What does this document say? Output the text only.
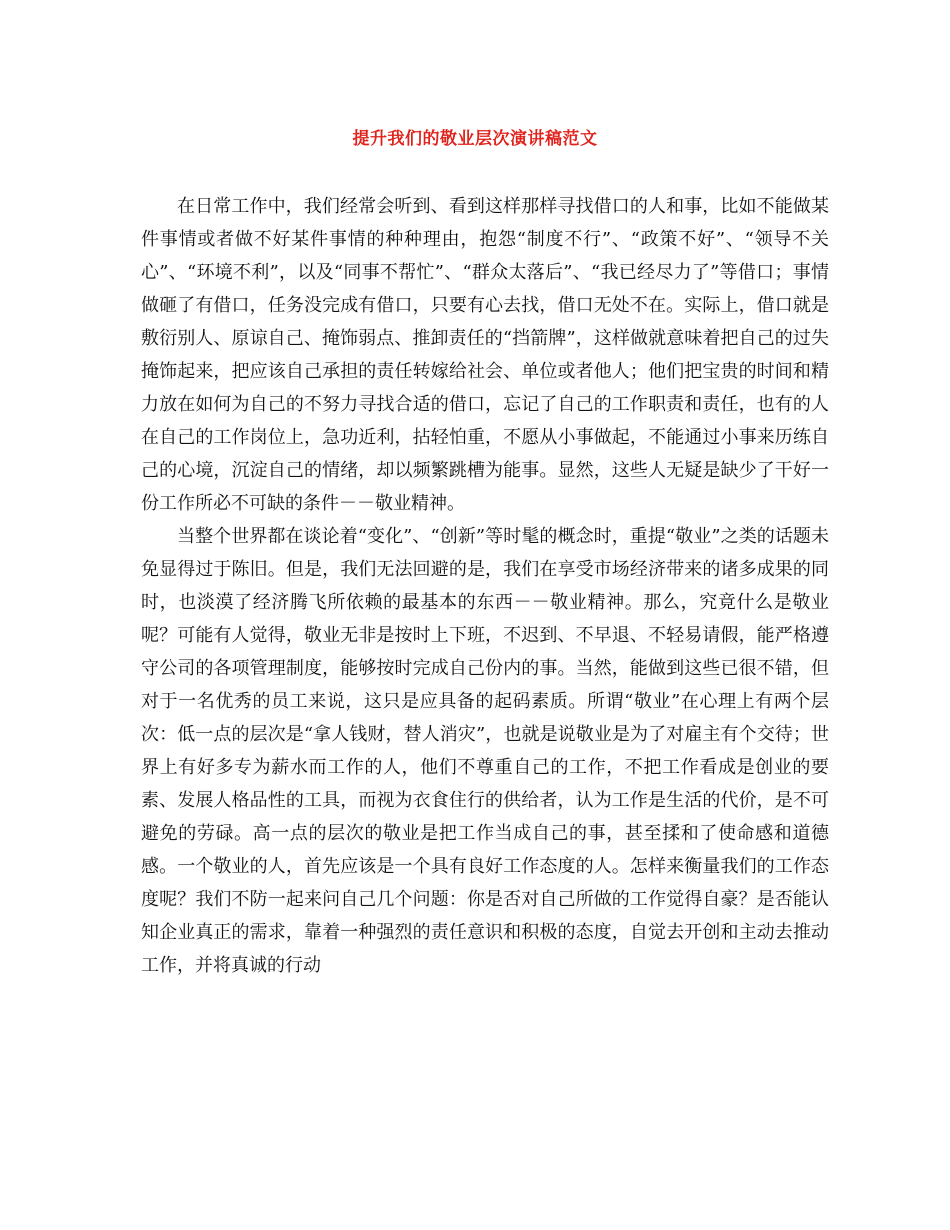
提升我们的敬业层次演讲稿范文

在日常工作中，我们经常会听到、看到这样那样寻找借口的人和事，比如不能做某件事情或者做不好某件事情的种种理由，抱怨“制度不行”、“政策不好”、“领导不关心”、“环境不利”，以及“同事不帮忙”、“群众太落后”、“我已经尽力了”等借口；事情做砸了有借口，任务没完成有借口，只要有心去找，借口无处不在。实际上，借口就是敷衍别人、原谅自己、掩饰弱点、推卸责任的“挡箭牌”，这样做就意味着把自己的过失掩饰起来，把应该自己承担的责任转嫁给社会、单位或者他人；他们把宝贵的时间和精力放在如何为自己的不努力寻找合适的借口，忘记了自己的工作职责和责任，也有的人在自己的工作岗位上，急功近利，拈轻怕重，不愿从小事做起，不能通过小事来历练自己的心境，沉淀自己的情绪，却以频繁跳槽为能事。显然，这些人无疑是缺少了干好一份工作所必不可缺的条件－－敬业精神。

当整个世界都在谈论着“变化”、“创新”等时髦的概念时，重提“敬业”之类的话题未免显得过于陈旧。但是，我们无法回避的是，我们在享受市场经济带来的诸多成果的同时，也淡漠了经济腾飞所依赖的最基本的东西－－敬业精神。那么，究竟什么是敬业呢？可能有人觉得，敬业无非是按时上下班，不迟到、不早退、不轻易请假，能严格遵守公司的各项管理制度，能够按时完成自己份内的事。当然，能做到这些已很不错，但对于一名优秀的员工来说，这只是应具备的起码素质。所谓“敬业”在心理上有两个层次：低一点的层次是“拿人钱财，替人消灾”，也就是说敬业是为了对雇主有个交待；世界上有好多专为薪水而工作的人，他们不尊重自己的工作，不把工作看成是创业的要素、发展人格品性的工具，而视为衣食住行的供给者，认为工作是生活的代价，是不可避免的劳碌。高一点的层次的敬业是把工作当成自己的事，甚至揉和了使命感和道德感。一个敬业的人，首先应该是一个具有良好工作态度的人。怎样来衡量我们的工作态度呢？我们不防一起来问自己几个问题：你是否对自己所做的工作觉得自豪？是否能认知企业真正的需求，靠着一种强烈的责任意识和积极的态度，自觉去开创和主动去推动工作，并将真诚的行动
